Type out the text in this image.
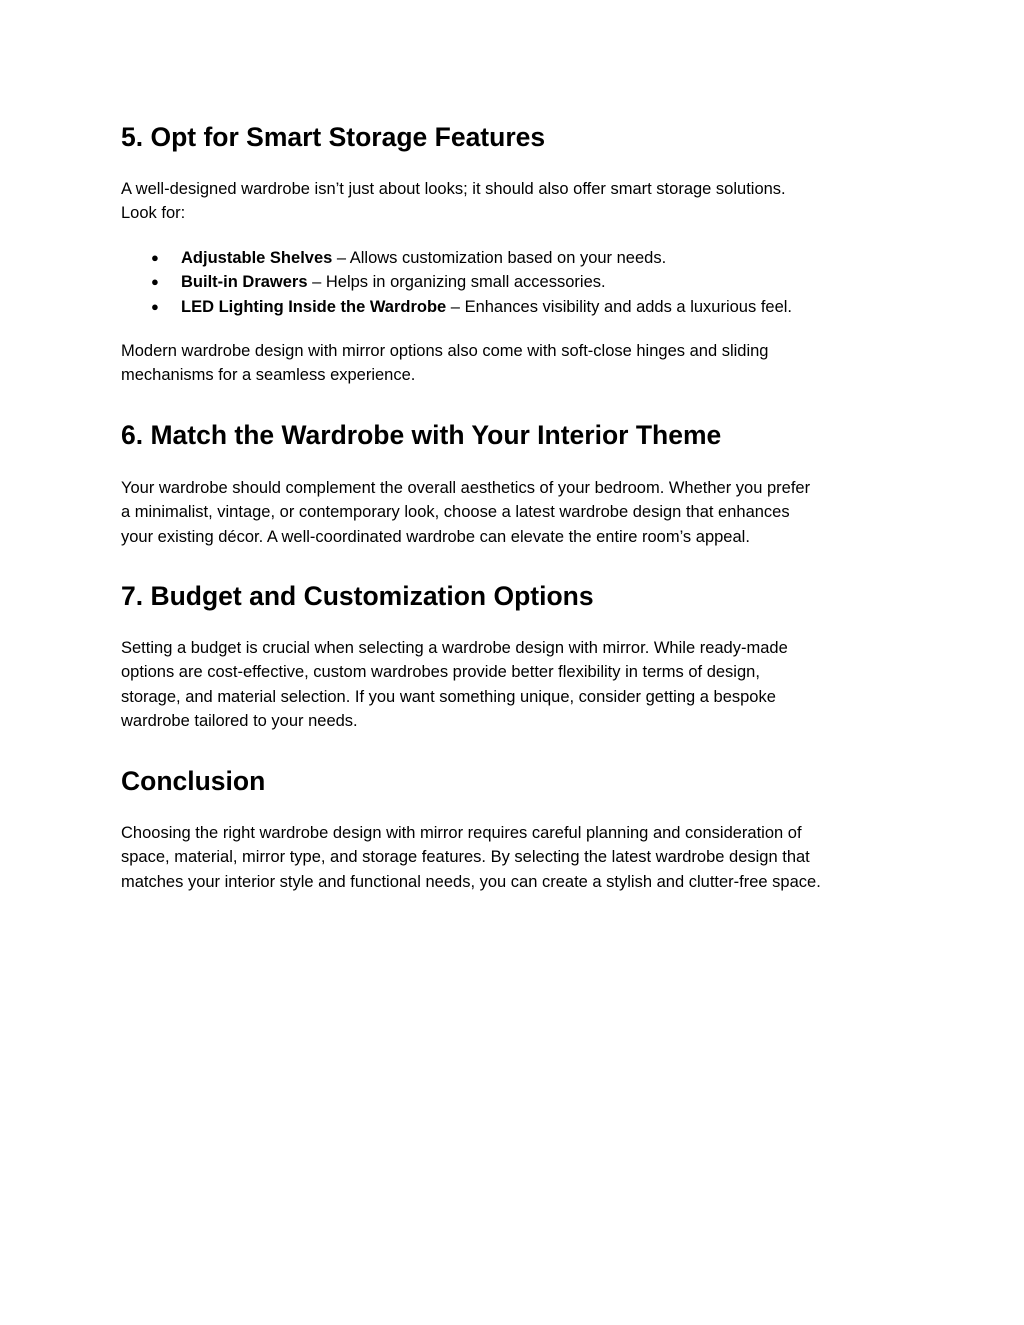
5. Opt for Smart Storage Features

A well-designed wardrobe isn’t just about looks; it should also offer smart storage solutions.
Look for:

● Adjustable Shelves – Allows customization based on your needs.
● Built-in Drawers – Helps in organizing small accessories.
● LED Lighting Inside the Wardrobe – Enhances visibility and adds a luxurious feel.

Modern wardrobe design with mirror options also come with soft-close hinges and sliding
mechanisms for a seamless experience.

6. Match the Wardrobe with Your Interior Theme

Your wardrobe should complement the overall aesthetics of your bedroom. Whether you prefer
a minimalist, vintage, or contemporary look, choose a latest wardrobe design that enhances
your existing décor. A well-coordinated wardrobe can elevate the entire room’s appeal.

7. Budget and Customization Options

Setting a budget is crucial when selecting a wardrobe design with mirror. While ready-made
options are cost-effective, custom wardrobes provide better flexibility in terms of design,
storage, and material selection. If you want something unique, consider getting a bespoke
wardrobe tailored to your needs.

Conclusion

Choosing the right wardrobe design with mirror requires careful planning and consideration of
space, material, mirror type, and storage features. By selecting the latest wardrobe design that
matches your interior style and functional needs, you can create a stylish and clutter-free space.
